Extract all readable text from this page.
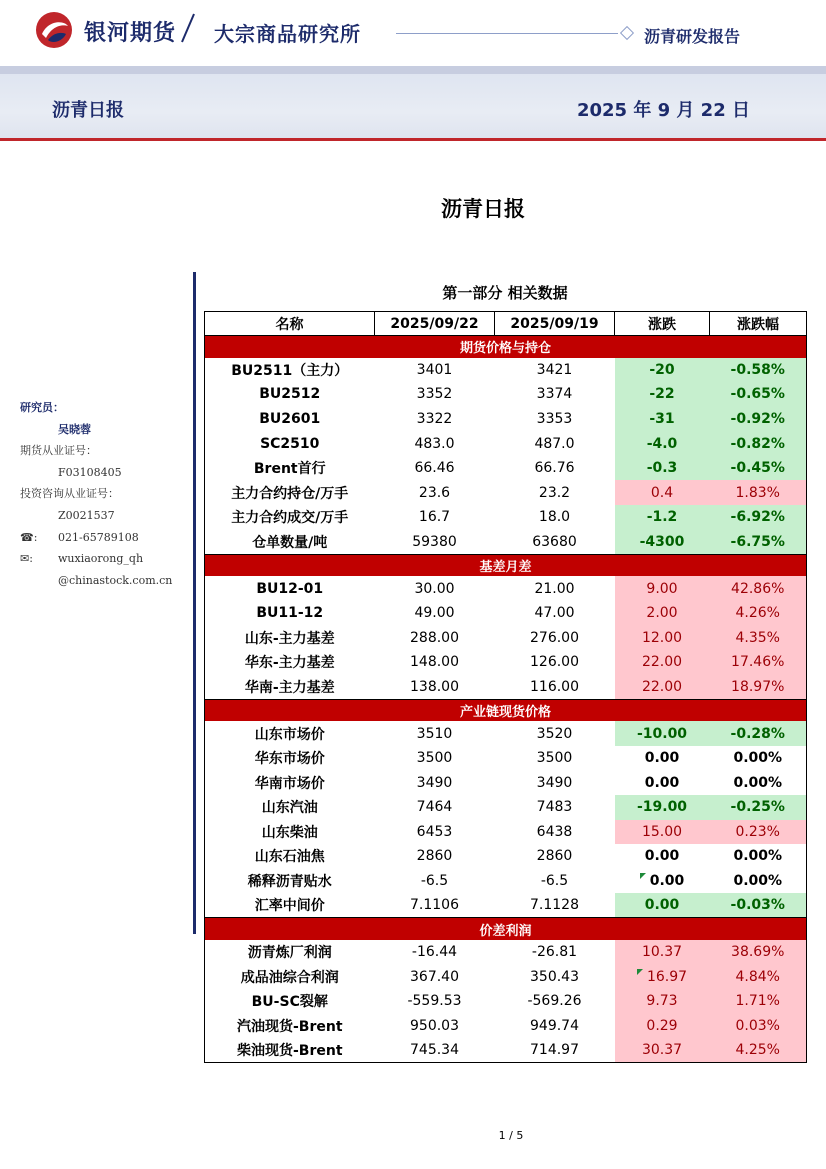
银河期货 大宗商品研究所	沥青研发报告
沥青日报	2025 年 9 月 22 日
沥青日报
研究员：
吴晓蓉
期货从业证号：
F03108405
投资咨询从业证号：
Z0021537
☎: 021-65789108
✉: wuxiaorong_qh
@chinastock.com.cn
第一部分 相关数据
名称	2025/09/22	2025/09/19	涨跌	涨跌幅
期货价格与持仓				
BU2511（主力）	3401	3421	-20	-0.58%
BU2512	3352	3374	-22	-0.65%
BU2601	3322	3353	-31	-0.92%
SC2510	483.0	487.0	-4.0	-0.82%
Brent首行	66.46	66.76	-0.3	-0.45%
主力合约持仓/万手	23.6	23.2	0.4	1.83%
主力合约成交/万手	16.7	18.0	-1.2	-6.92%
仓单数量/吨	59380	63680	-4300	-6.75%
基差月差				
BU12-01	30.00	21.00	9.00	42.86%
BU11-12	49.00	47.00	2.00	4.26%
山东-主力基差	288.00	276.00	12.00	4.35%
华东-主力基差	148.00	126.00	22.00	17.46%
华南-主力基差	138.00	116.00	22.00	18.97%
产业链现货价格				
山东市场价	3510	3520	-10.00	-0.28%
华东市场价	3500	3500	0.00	0.00%
华南市场价	3490	3490	0.00	0.00%
山东汽油	7464	7483	-19.00	-0.25%
山东柴油	6453	6438	15.00	0.23%
山东石油焦	2860	2860	0.00	0.00%
稀释沥青贴水	-6.5	-6.5	0.00	0.00%
汇率中间价	7.1106	7.1128	0.00	-0.03%
价差利润				
沥青炼厂利润	-16.44	-26.81	10.37	38.69%
成品油综合利润	367.40	350.43	16.97	4.84%
BU-SC裂解	-559.53	-569.26	9.73	1.71%
汽油现货-Brent	950.03	949.74	0.29	0.03%
柴油现货-Brent	745.34	714.97	30.37	4.25%
1 / 5
